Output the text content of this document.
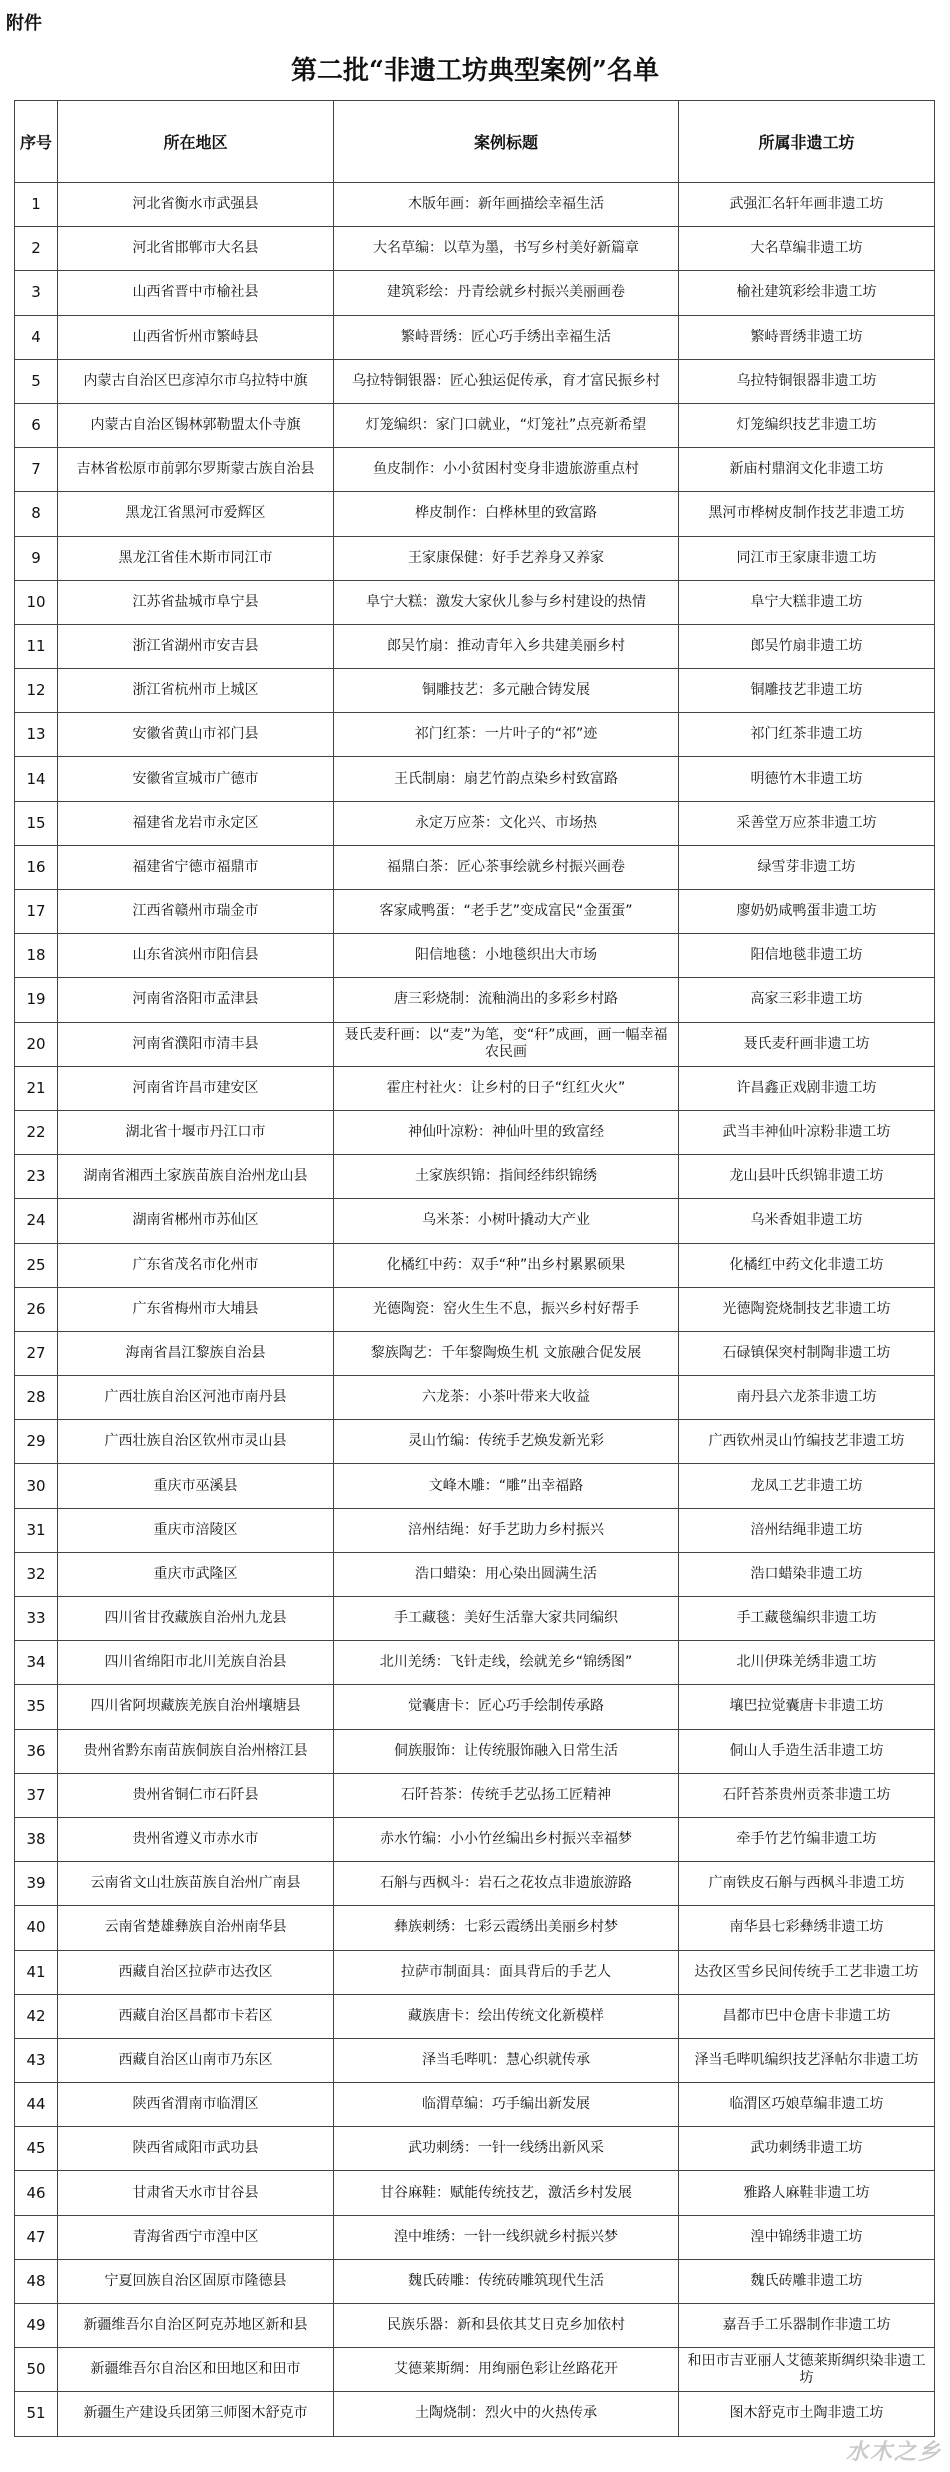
附件
第二批“非遗工坊典型案例”名单
序号	所在地区	案例标题	所属非遗工坊
1	河北省衡水市武强县	木版年画：新年画描绘幸福生活	武强汇名轩年画非遗工坊
2	河北省邯郸市大名县	大名草编：以草为墨，书写乡村美好新篇章	大名草编非遗工坊
3	山西省晋中市榆社县	建筑彩绘：丹青绘就乡村振兴美丽画卷	榆社建筑彩绘非遗工坊
4	山西省忻州市繁峙县	繁峙晋绣：匠心巧手绣出幸福生活	繁峙晋绣非遗工坊
5	内蒙古自治区巴彦淖尔市乌拉特中旗	乌拉特铜银器：匠心独运促传承，育才富民振乡村	乌拉特铜银器非遗工坊
6	内蒙古自治区锡林郭勒盟太仆寺旗	灯笼编织：家门口就业，“灯笼社”点亮新希望	灯笼编织技艺非遗工坊
7	吉林省松原市前郭尔罗斯蒙古族自治县	鱼皮制作：小小贫困村变身非遗旅游重点村	新庙村鼎润文化非遗工坊
8	黑龙江省黑河市爱辉区	桦皮制作：白桦林里的致富路	黑河市桦树皮制作技艺非遗工坊
9	黑龙江省佳木斯市同江市	王家康保健：好手艺养身又养家	同江市王家康非遗工坊
10	江苏省盐城市阜宁县	阜宁大糕：激发大家伙儿参与乡村建设的热情	阜宁大糕非遗工坊
11	浙江省湖州市安吉县	郎吴竹扇：推动青年入乡共建美丽乡村	郎吴竹扇非遗工坊
12	浙江省杭州市上城区	铜雕技艺：多元融合铸发展	铜雕技艺非遗工坊
13	安徽省黄山市祁门县	祁门红茶：一片叶子的“祁”迹	祁门红茶非遗工坊
14	安徽省宣城市广德市	王氏制扇：扇艺竹韵点染乡村致富路	明德竹木非遗工坊
15	福建省龙岩市永定区	永定万应茶：文化兴、市场热	采善堂万应茶非遗工坊
16	福建省宁德市福鼎市	福鼎白茶：匠心茶事绘就乡村振兴画卷	绿雪芽非遗工坊
17	江西省赣州市瑞金市	客家咸鸭蛋：“老手艺”变成富民“金蛋蛋”	廖奶奶咸鸭蛋非遗工坊
18	山东省滨州市阳信县	阳信地毯：小地毯织出大市场	阳信地毯非遗工坊
19	河南省洛阳市孟津县	唐三彩烧制：流釉淌出的多彩乡村路	高家三彩非遗工坊
20	河南省濮阳市清丰县	聂氏麦秆画：以“麦”为笔，变“秆”成画，画一幅幸福农民画	聂氏麦秆画非遗工坊
21	河南省许昌市建安区	霍庄村社火：让乡村的日子“红红火火”	许昌鑫正戏剧非遗工坊
22	湖北省十堰市丹江口市	神仙叶凉粉：神仙叶里的致富经	武当丰神仙叶凉粉非遗工坊
23	湖南省湘西土家族苗族自治州龙山县	土家族织锦：指间经纬织锦绣	龙山县叶氏织锦非遗工坊
24	湖南省郴州市苏仙区	乌米茶：小树叶撬动大产业	乌米香姐非遗工坊
25	广东省茂名市化州市	化橘红中药：双手“种”出乡村累累硕果	化橘红中药文化非遗工坊
26	广东省梅州市大埔县	光德陶瓷：窑火生生不息，振兴乡村好帮手	光德陶瓷烧制技艺非遗工坊
27	海南省昌江黎族自治县	黎族陶艺：千年黎陶焕生机 文旅融合促发展	石碌镇保突村制陶非遗工坊
28	广西壮族自治区河池市南丹县	六龙茶：小茶叶带来大收益	南丹县六龙茶非遗工坊
29	广西壮族自治区钦州市灵山县	灵山竹编：传统手艺焕发新光彩	广西钦州灵山竹编技艺非遗工坊
30	重庆市巫溪县	文峰木雕：“雕”出幸福路	龙凤工艺非遗工坊
31	重庆市涪陵区	涪州结绳：好手艺助力乡村振兴	涪州结绳非遗工坊
32	重庆市武隆区	浩口蜡染：用心染出圆满生活	浩口蜡染非遗工坊
33	四川省甘孜藏族自治州九龙县	手工藏毯：美好生活靠大家共同编织	手工藏毯编织非遗工坊
34	四川省绵阳市北川羌族自治县	北川羌绣：飞针走线，绘就羌乡“锦绣图”	北川伊珠羌绣非遗工坊
35	四川省阿坝藏族羌族自治州壤塘县	觉囊唐卡：匠心巧手绘制传承路	壤巴拉觉囊唐卡非遗工坊
36	贵州省黔东南苗族侗族自治州榕江县	侗族服饰：让传统服饰融入日常生活	侗山人手造生活非遗工坊
37	贵州省铜仁市石阡县	石阡苔茶：传统手艺弘扬工匠精神	石阡苔茶贵州贡茶非遗工坊
38	贵州省遵义市赤水市	赤水竹编：小小竹丝编出乡村振兴幸福梦	牵手竹艺竹编非遗工坊
39	云南省文山壮族苗族自治州广南县	石斛与西枫斗：岩石之花妆点非遗旅游路	广南铁皮石斛与西枫斗非遗工坊
40	云南省楚雄彝族自治州南华县	彝族刺绣：七彩云霞绣出美丽乡村梦	南华县七彩彝绣非遗工坊
41	西藏自治区拉萨市达孜区	拉萨市制面具：面具背后的手艺人	达孜区雪乡民间传统手工艺非遗工坊
42	西藏自治区昌都市卡若区	藏族唐卡：绘出传统文化新模样	昌都市巴中仓唐卡非遗工坊
43	西藏自治区山南市乃东区	泽当毛哔叽：慧心织就传承	泽当毛哔叽编织技艺泽帖尔非遗工坊
44	陕西省渭南市临渭区	临渭草编：巧手编出新发展	临渭区巧娘草编非遗工坊
45	陕西省咸阳市武功县	武功刺绣：一针一线绣出新风采	武功刺绣非遗工坊
46	甘肃省天水市甘谷县	甘谷麻鞋：赋能传统技艺，激活乡村发展	雅路人麻鞋非遗工坊
47	青海省西宁市湟中区	湟中堆绣：一针一线织就乡村振兴梦	湟中锦绣非遗工坊
48	宁夏回族自治区固原市隆德县	魏氏砖雕：传统砖雕筑现代生活	魏氏砖雕非遗工坊
49	新疆维吾尔自治区阿克苏地区新和县	民族乐器：新和县依其艾日克乡加依村	嘉吾手工乐器制作非遗工坊
50	新疆维吾尔自治区和田地区和田市	艾德莱斯绸：用绚丽色彩让丝路花开	和田市吉亚丽人艾德莱斯绸织染非遗工坊
51	新疆生产建设兵团第三师图木舒克市	土陶烧制：烈火中的火热传承	图木舒克市土陶非遗工坊
水木之乡
